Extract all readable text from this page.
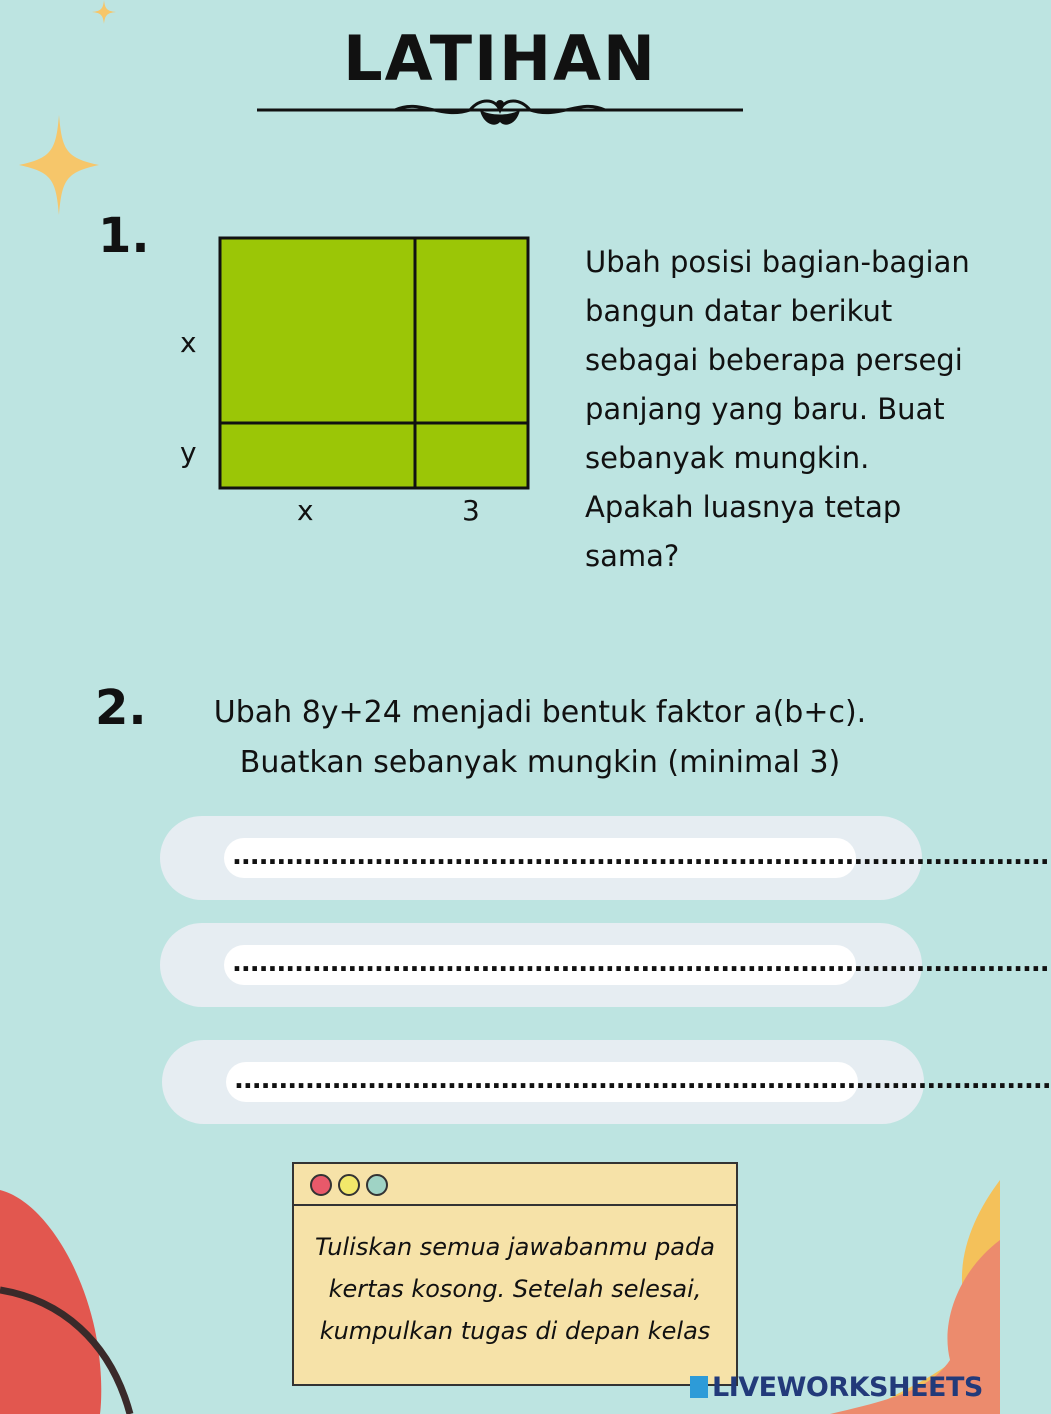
LATIHAN
1.
x
y
x	3
Ubah posisi bagian-bagian bangun datar berikut sebagai beberapa persegi panjang yang baru. Buat sebanyak mungkin. Apakah luasnya tetap sama?
2.	Ubah 8y+24 menjadi bentuk faktor a(b+c).
Buatkan sebanyak mungkin (minimal 3)
............................................................................................
............................................................................................
............................................................................................
Tuliskan semua jawabanmu pada kertas kosong. Setelah selesai, kumpulkan tugas di depan kelas
LIVEWORKSHEETS
